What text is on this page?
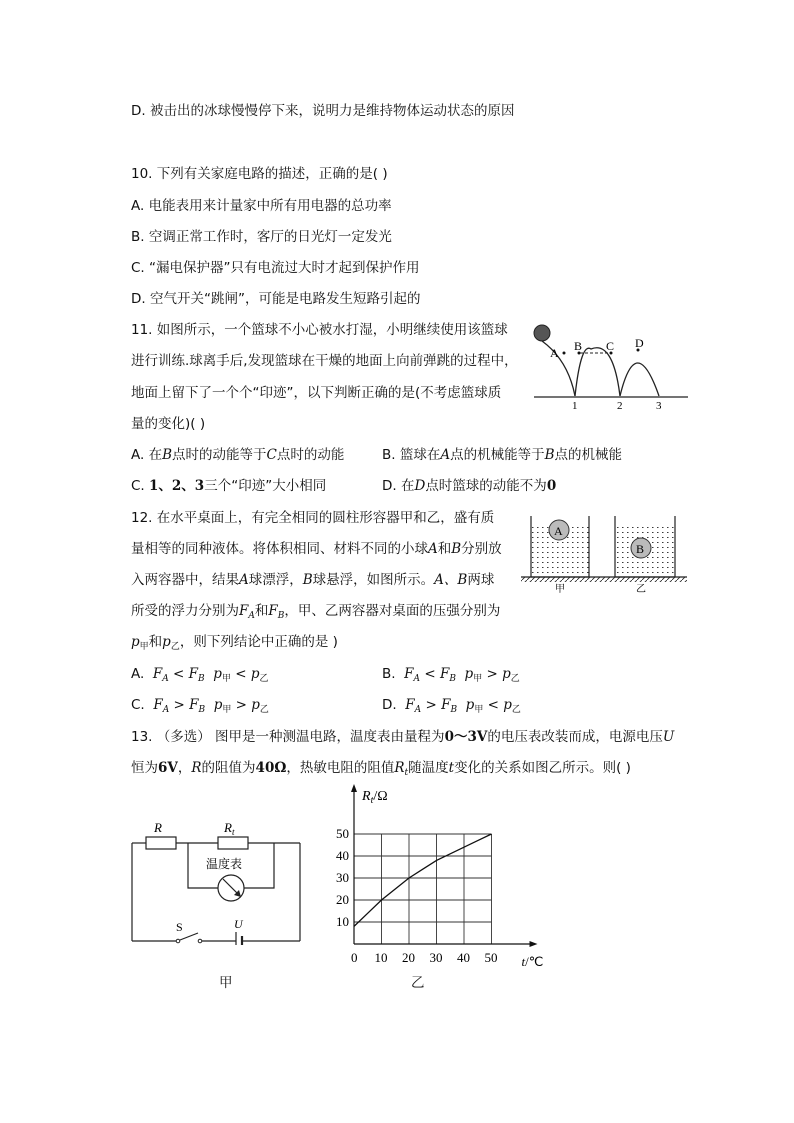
D. 被击出的冰球慢慢停下来，说明力是维持物体运动状态的原因
10. 下列有关家庭电路的描述，正确的是( )
A. 电能表用来计量家中所有用电器的总功率
B. 空调正常工作时，客厅的日光灯一定发光
C. “漏电保护器”只有电流过大时才起到保护作用
D. 空气开关“跳闸”，可能是电路发生短路引起的
11. 如图所示，一个篮球不小心被水打湿，小明继续使用该篮球
进行训练.球离手后,发现篮球在干燥的地面上向前弹跳的过程中，
地面上留下了一个个“印迹”，以下判断正确的是(不考虑篮球质
量的变化)( )
A B C D
1	2	3
A. 在B点时的动能等于C点时的动能	B. 篮球在A点的机械能等于B点的机械能
C. 1、2、3三个“印迹”大小相同	D. 在D点时篮球的动能不为0
12. 在水平桌面上，有完全相同的圆柱形容器甲和乙，盛有质
量相等的同种液体。将体积相同、材料不同的小球A和B分别放
入两容器中，结果A球漂浮，B球悬浮，如图所示。A、B两球
所受的浮力分别为$F_A$和$F_B$，甲、乙两容器对桌面的压强分别为
$p_甲$和$p_乙$，则下列结论中正确的是 )
A
B
甲	乙
A. $F_A < F_B$ $p_甲 < p_乙$	B. $F_A < F_B$ $p_甲 > p_乙$
C. $F_A > F_B$ $p_甲 > p_乙$	D. $F_A > F_B$ $p_甲 < p_乙$
13. （多选） 图甲是一种测温电路，温度表由量程为0～3V的电压表改装而成，电源电压U
恒为6V，R的阻值为40Ω，热敏电阻的阻值$R_t$随温度t变化的关系如图乙所示。则( )
R	$R_t$
温度表
S	U
甲
0 10 20 30 40 50
10
20
30
40
50
$R_t/\Omega$
t/℃
乙
